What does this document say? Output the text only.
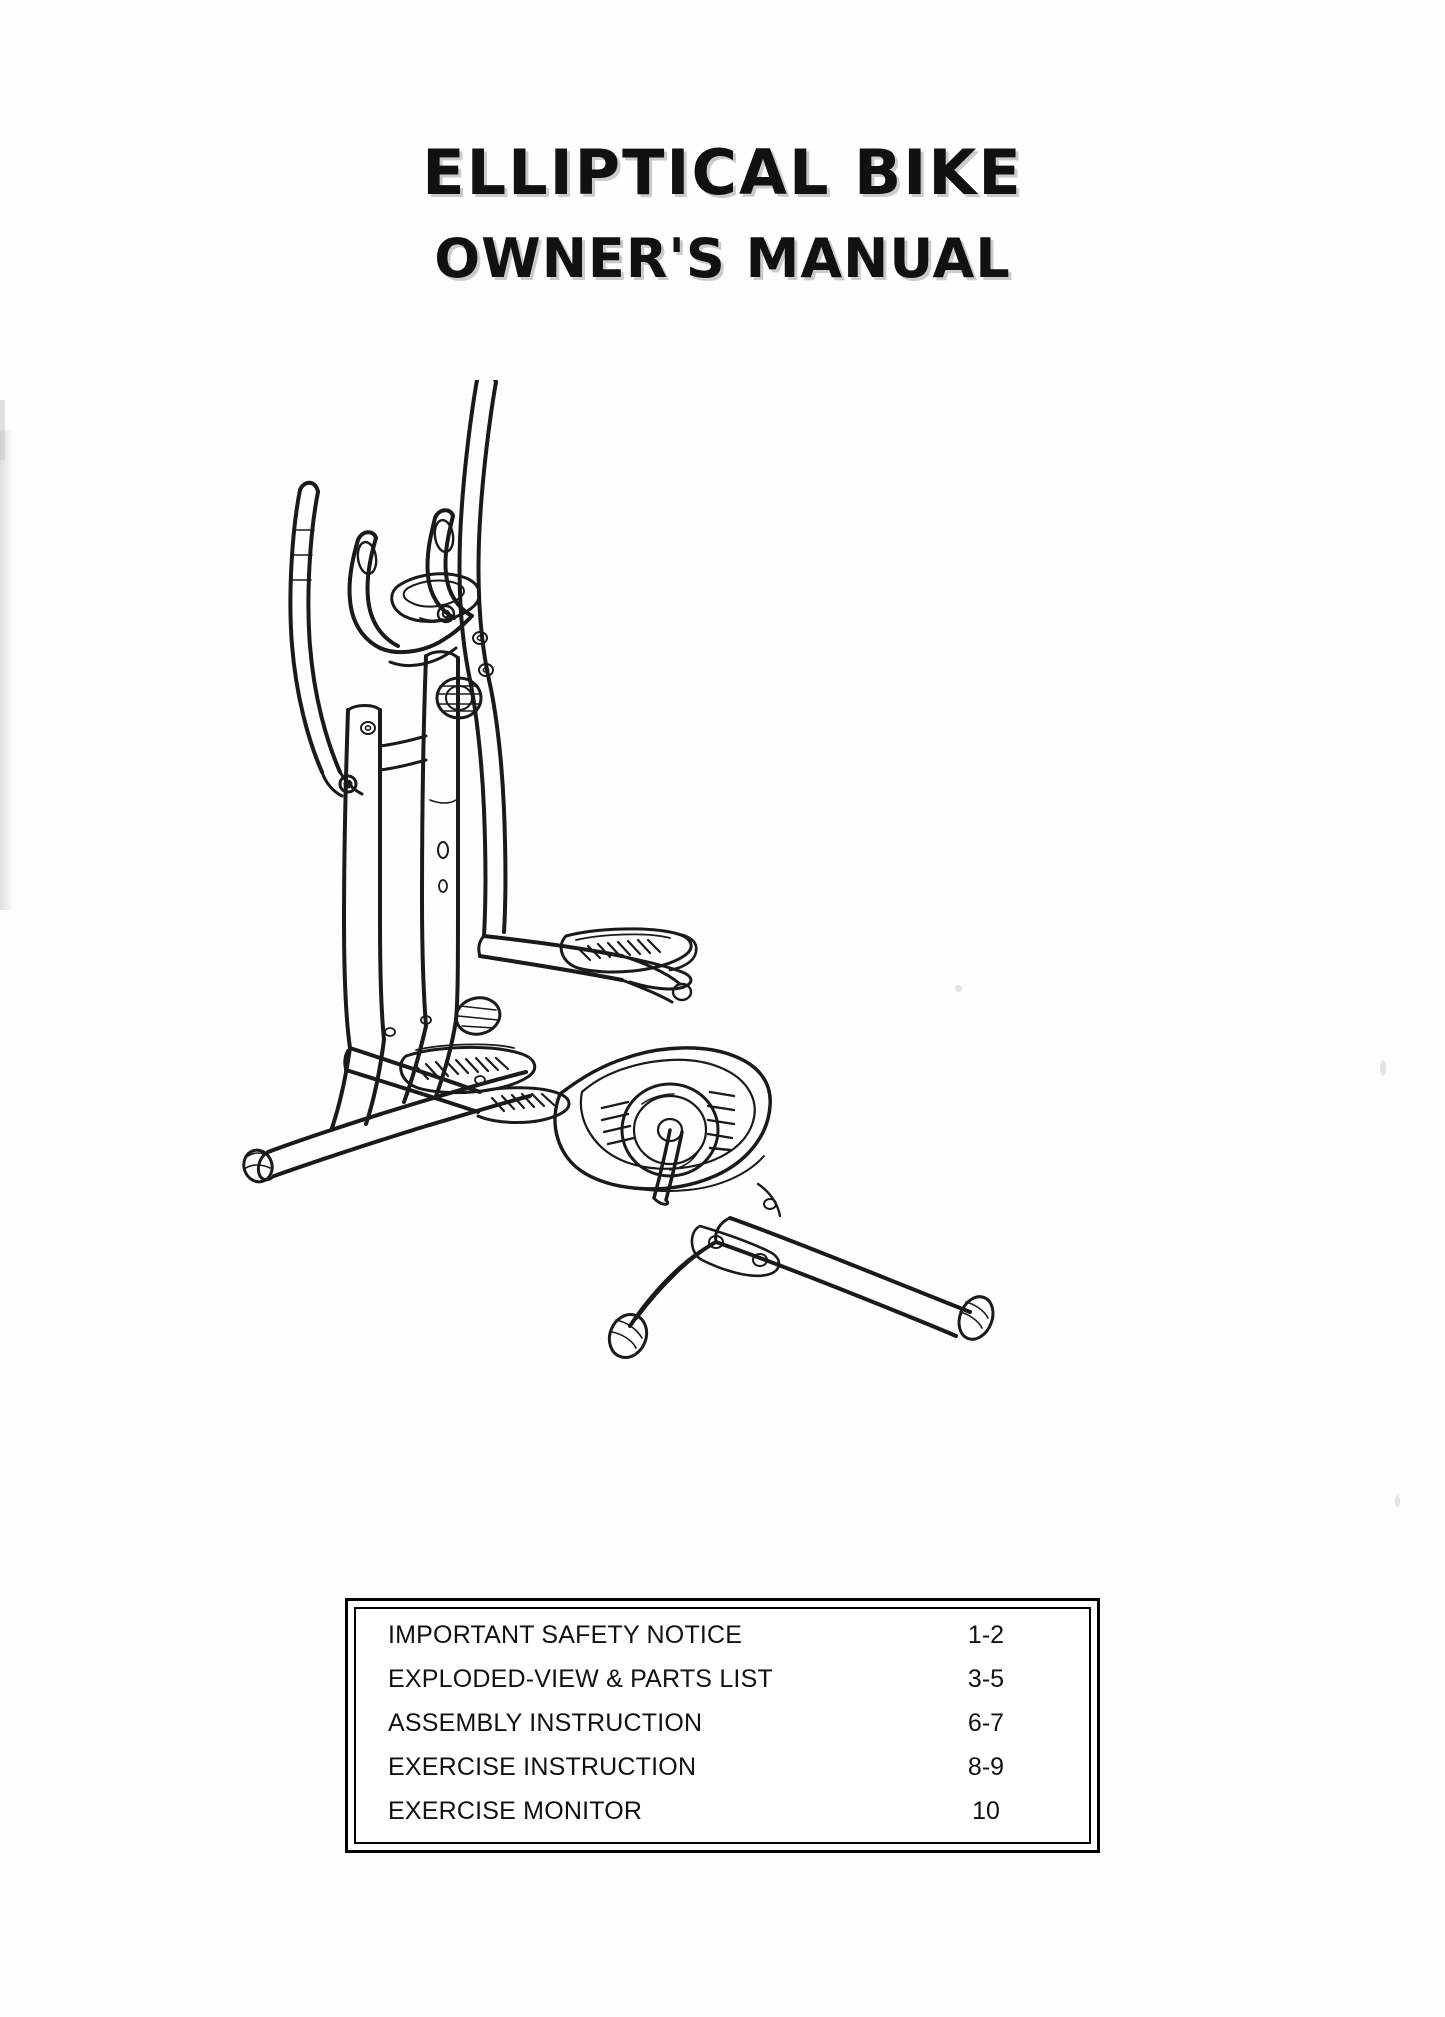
ELLIPTICAL BIKE
OWNER'S MANUAL
IMPORTANT SAFETY NOTICE	1-2
EXPLODED-VIEW & PARTS LIST	3-5
ASSEMBLY INSTRUCTION	6-7
EXERCISE INSTRUCTION	8-9
EXERCISE MONITOR	10
